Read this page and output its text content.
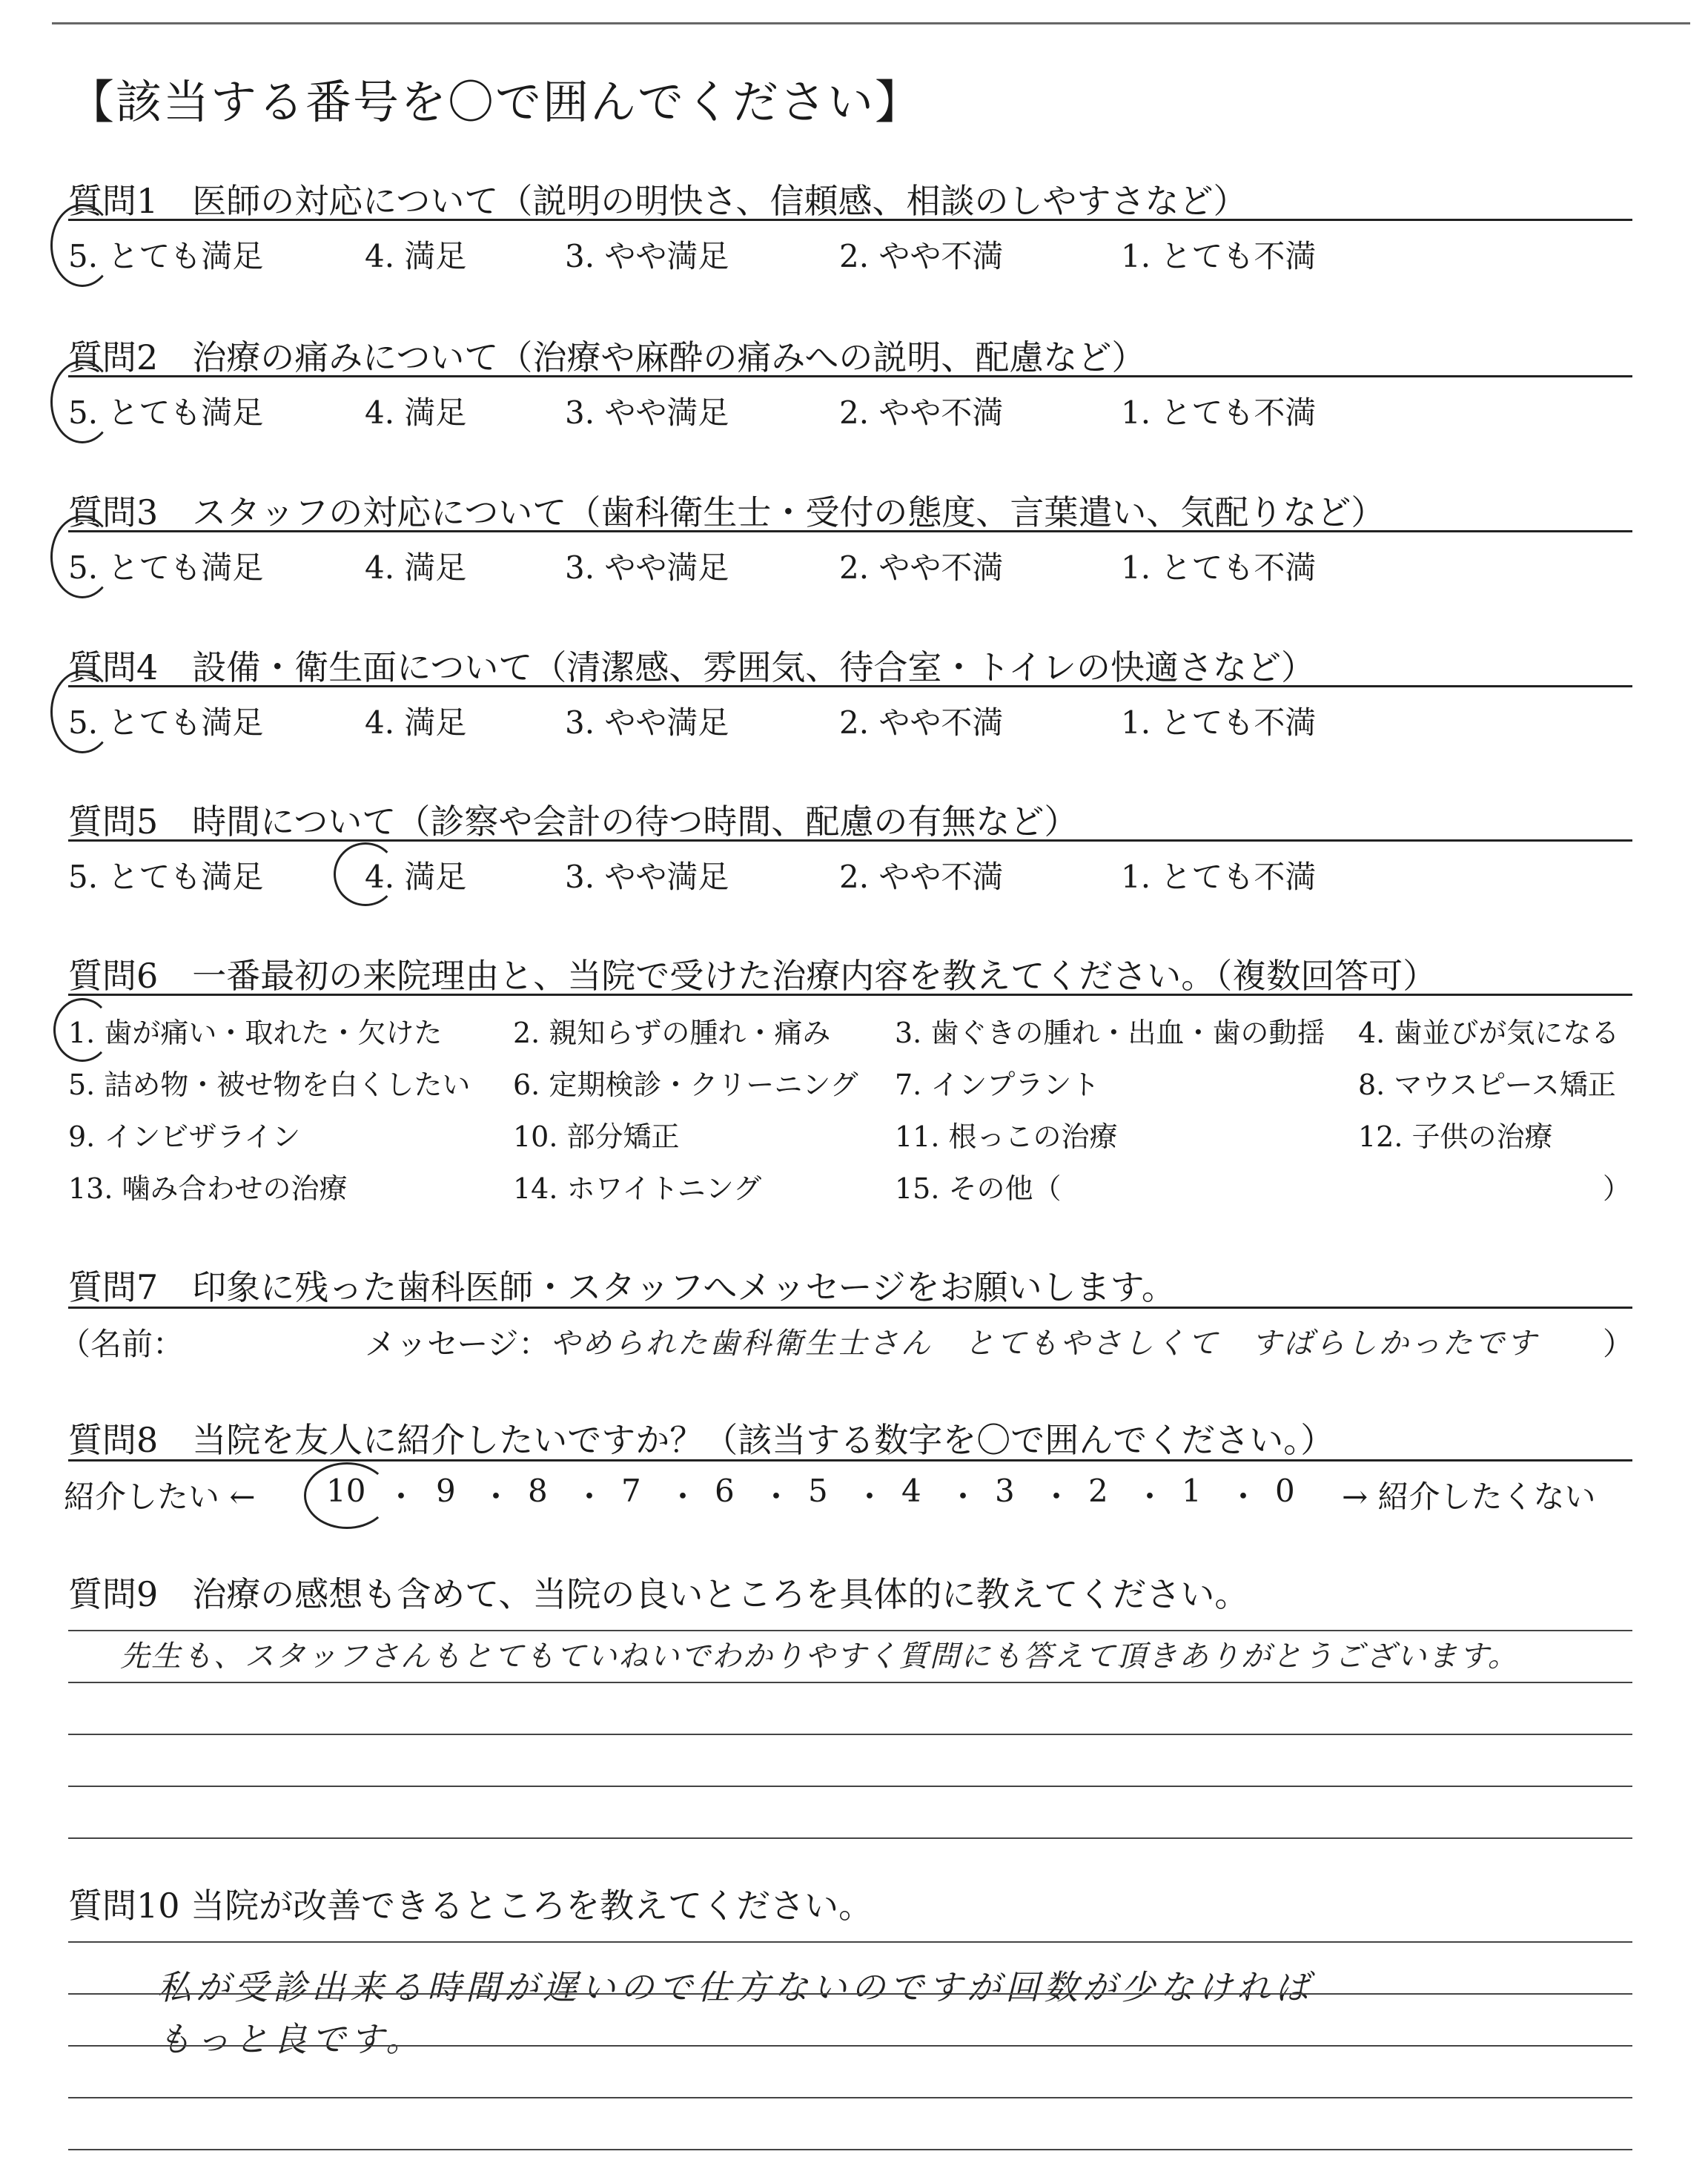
【該当する番号を〇で囲んでください】
質問1　医師の対応について（説明の明快さ、信頼感、相談のしやすさなど）
5. とても満足	4. 満足	3. やや満足	2. やや不満	1. とても不満
質問2　治療の痛みについて（治療や麻酔の痛みへの説明、配慮など）
5. とても満足	4. 満足	3. やや満足	2. やや不満	1. とても不満
質問3　スタッフの対応について（歯科衛生士・受付の態度、言葉遣い、気配りなど）
5. とても満足	4. 満足	3. やや満足	2. やや不満	1. とても不満
質問4　設備・衛生面について（清潔感、雰囲気、待合室・トイレの快適さなど）
5. とても満足	4. 満足	3. やや満足	2. やや不満	1. とても不満
質問5　時間について（診察や会計の待つ時間、配慮の有無など）
5. とても満足	4. 満足	3. やや満足	2. やや不満	1. とても不満
質問6　一番最初の来院理由と、当院で受けた治療内容を教えてください。（複数回答可）
1. 歯が痛い・取れた・欠けた	2. 親知らずの腫れ・痛み 3. 歯ぐきの腫れ・出血・歯の動揺 4. 歯並びが気になる
5. 詰め物・被せ物を白くしたい 6. 定期検診・クリーニング 7. インプラント	8. マウスピース矯正
9. インビザライン	10. 部分矯正	11. 根っこの治療	12. 子供の治療
13. 噛み合わせの治療	14. ホワイトニング	15. その他（	）
質問7　印象に残った歯科医師・スタッフへメッセージをお願いします。
（名前：	メッセージ： やめられた歯科衛生士さん　とてもやさしくて　すばらしかったです ）
質問8　当院を友人に紹介したいですか？（該当する数字を〇で囲んでください。）
紹介したい ← 10 ・ 9 ・ 8 ・ 7 ・ 6 ・ 5 ・ 4 ・ 3 ・ 2 ・ 1 ・ 0 → 紹介したくない
質問9　治療の感想も含めて、当院の良いところを具体的に教えてください。
先生も、スタッフさんもとてもていねいでわかりやすく質問にも答えて頂きありがとうございます。
質問10 当院が改善できるところを教えてください。
私が受診出来る時間が遅いので仕方ないのですが回数が少なければ
もっと良です。
